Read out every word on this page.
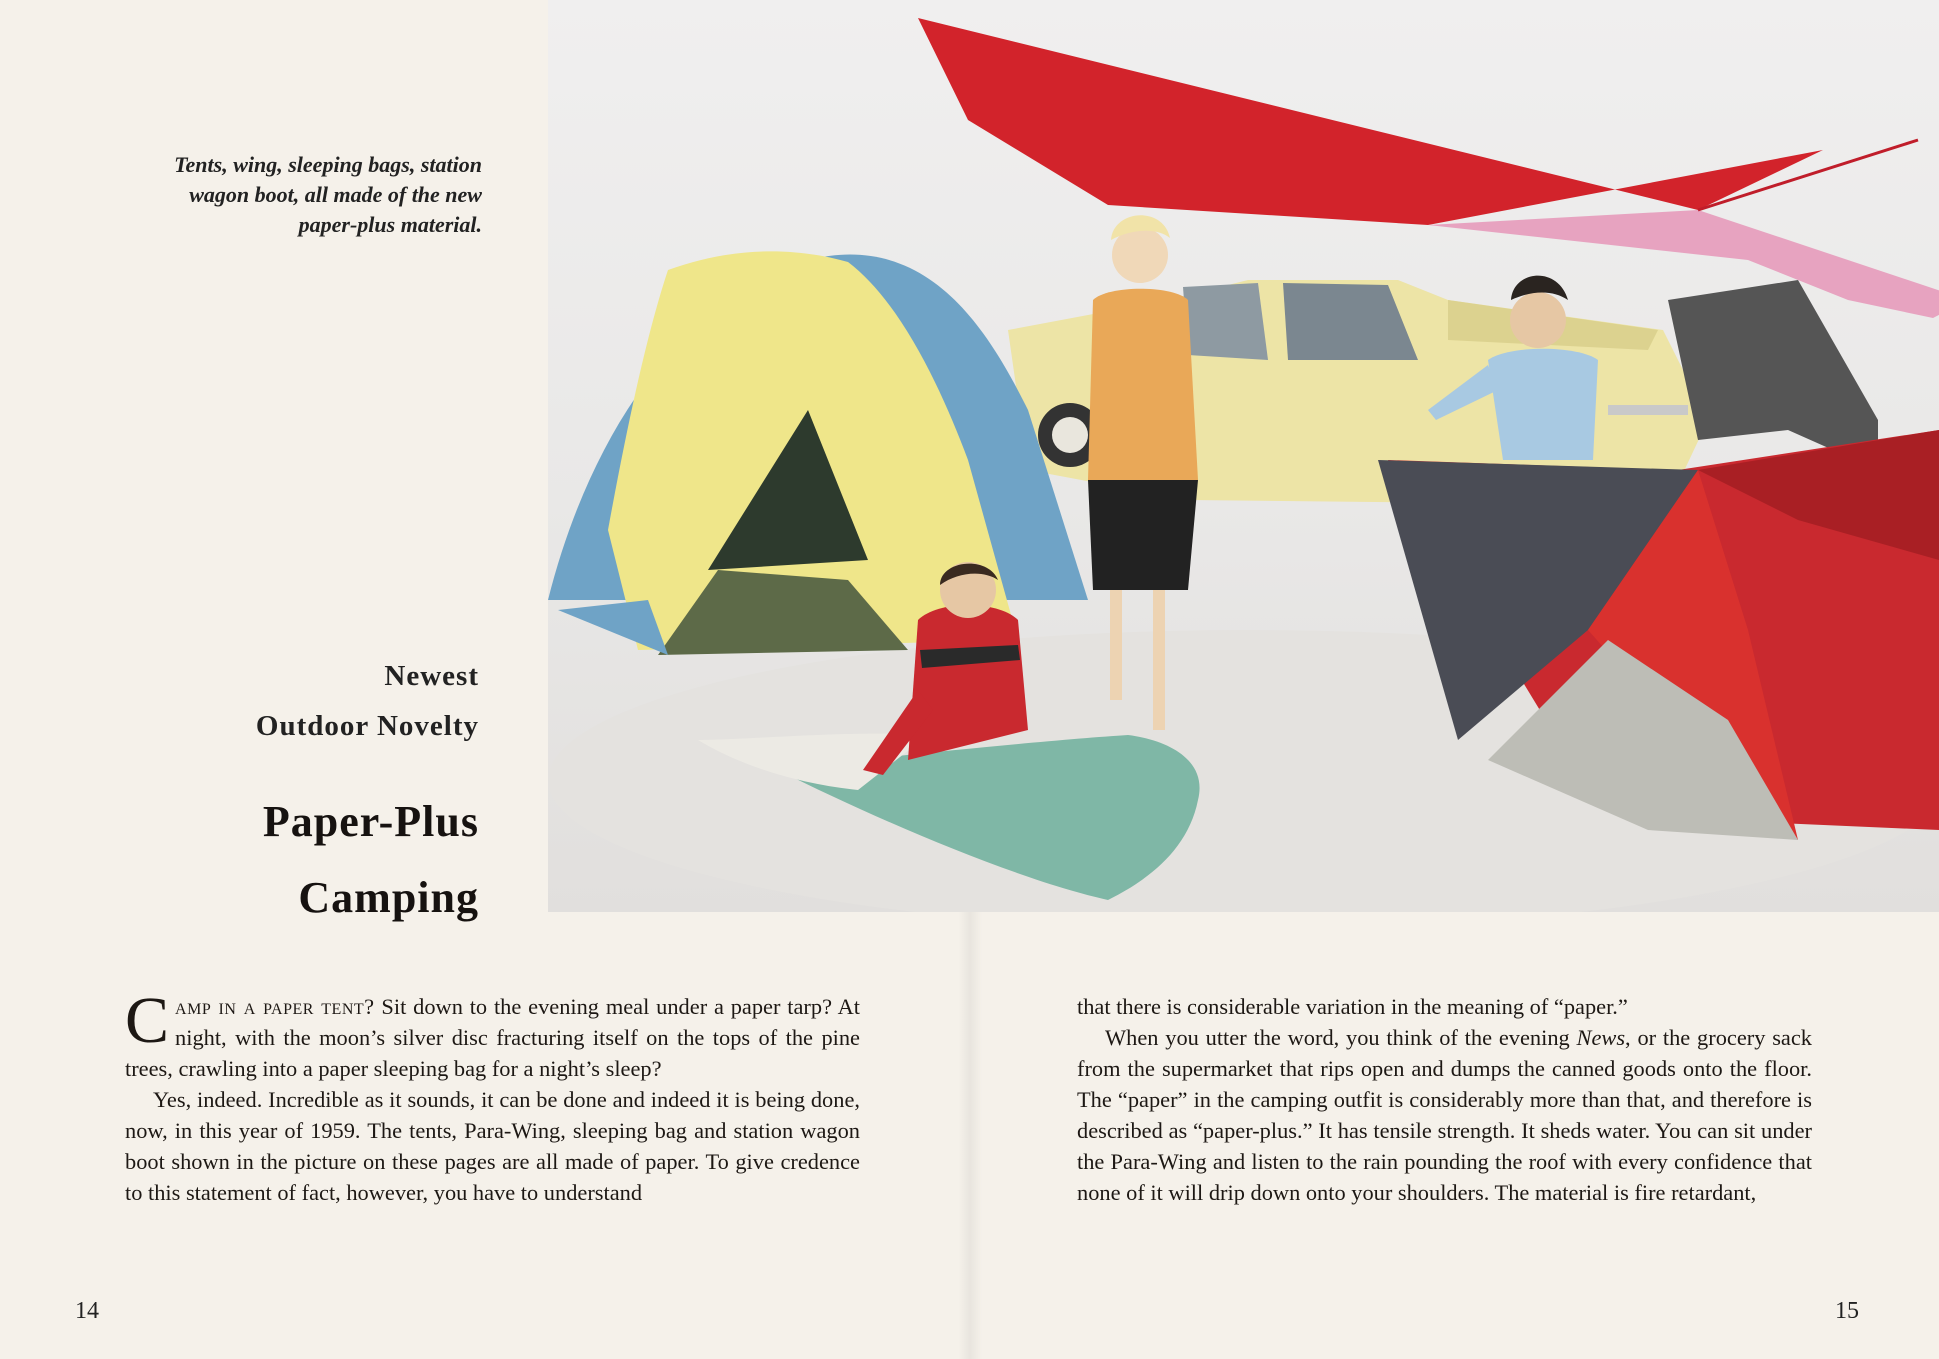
Tents, wing, sleeping bags, station wagon boot, all made of the new paper-plus material.
Newest
Outdoor Novelty
Paper-Plus
Camping

Camp in a paper tent? Sit down to the evening meal under a paper tarp? At night, with the moon’s silver disc fracturing itself on the tops of the pine trees, crawling into a paper sleeping bag for a night’s sleep?

Yes, indeed. Incredible as it sounds, it can be done and indeed it is being done, now, in this year of 1959. The tents, Para-Wing, sleeping bag and station wagon boot shown in the picture on these pages are all made of paper. To give credence to this statement of fact, however, you have to understand

that there is considerable variation in the meaning of “paper.”

When you utter the word, you think of the evening News, or the grocery sack from the supermarket that rips open and dumps the canned goods onto the floor. The “paper” in the camping outfit is considerably more than that, and therefore is described as “paper-plus.” It has tensile strength. It sheds water. You can sit under the Para-Wing and listen to the rain pounding the roof with every confidence that none of it will drip down onto your shoulders. The material is fire retardant,

14	15
